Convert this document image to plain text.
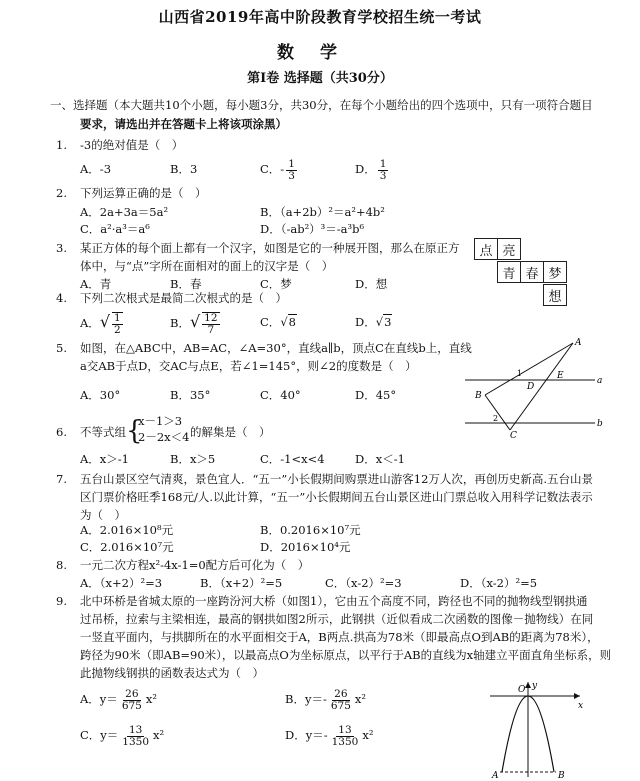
山西省2019年高中阶段教育学校招生统一考试
数学
第Ⅰ卷 选择题（共30分）
一、选择题（本大题共10个小题，每小题3分，共30分，在每个小题给出的四个选项中，只有一项符合题目
要求，请选出并在答题卡上将该项涂黑）
1. -3的绝对值是（　）
A．-3	B．3	C．- $\frac{1}{3}$	D． $\frac{1}{3}$
2. 下列运算正确的是（　）
A．2a+3a＝5a²	B．（a+2b）²＝a²+4b²
C．a²·a³＝a⁶	D．（-ab²）³＝-a³b⁶
3. 某正方体的每个面上都有一个汉字，如图是它的一种展开图，那么在原正方
体中，与“点”字所在面相对的面上的汉字是（　）
A．青	B．春	C．梦	D．想
点 亮
青 春 梦
想
4. 下列二次根式是最简二次根式的是（　）
A．√ $\frac{1}{2}$	B．√ $\frac{12}{7}$	C．√8	D．√3
5. 如图，在△ABC中，AB=AC，∠A=30°，直线a∥b，顶点C在直线b上，直线
a交AB于点D，交AC与点E，若∠1=145°，则∠2的度数是（　）
A．30°	B．35°	C．40°	D．45°
A
B
C
D
E	a
b
1
2
6. 不等式组 {
x－1＞3
2－2x＜4 的解集是（　）
A．x＞-1	B．x＞5	C．-1<x<4	D．x＜-1
7. 五台山景区空气清爽，景色宜人．“五一”小长假期间购票进山游客12万人次，再创历史新高.五台山景
区门票价格旺季168元/人.以此计算，“五一”小长假期间五台山景区进山门票总收入用科学记数法表示
为（　）
A．2.016×10⁸元	B．0.2016×10⁷元
C．2.016×10⁷元	D．2016×10⁴元
8. 一元二次方程x²-4x-1=0配方后可化为（　）
A．（x+2）²=3	B．（x+2）²=5	C．（x-2）²=3	D．（x-2）²=5
9. 北中环桥是省城太原的一座跨汾河大桥（如图1），它由五个高度不同，跨径也不同的抛物线型钢拱通
过吊桥，拉索与主梁相连，最高的钢拱如图2所示，此钢拱（近似看成二次函数的图像－抛物线）在同
一竖直平面内，与拱脚所在的水平面相交于A，B两点.拱高为78米（即最高点O到AB的距离为78米），
跨径为90米（即AB=90米），以最高点O为坐标原点，以平行于AB的直线为x轴建立平面直角坐标系，则
此抛物线钢拱的函数表达式为（　）
A．$y= \frac{26}{675} x^2$	B．$y=- \frac{26}{675} x^2$
C．$y= \frac{13}{1350} x^2$	D．$y=- \frac{13}{1350} x^2$
O y
x
A	B
